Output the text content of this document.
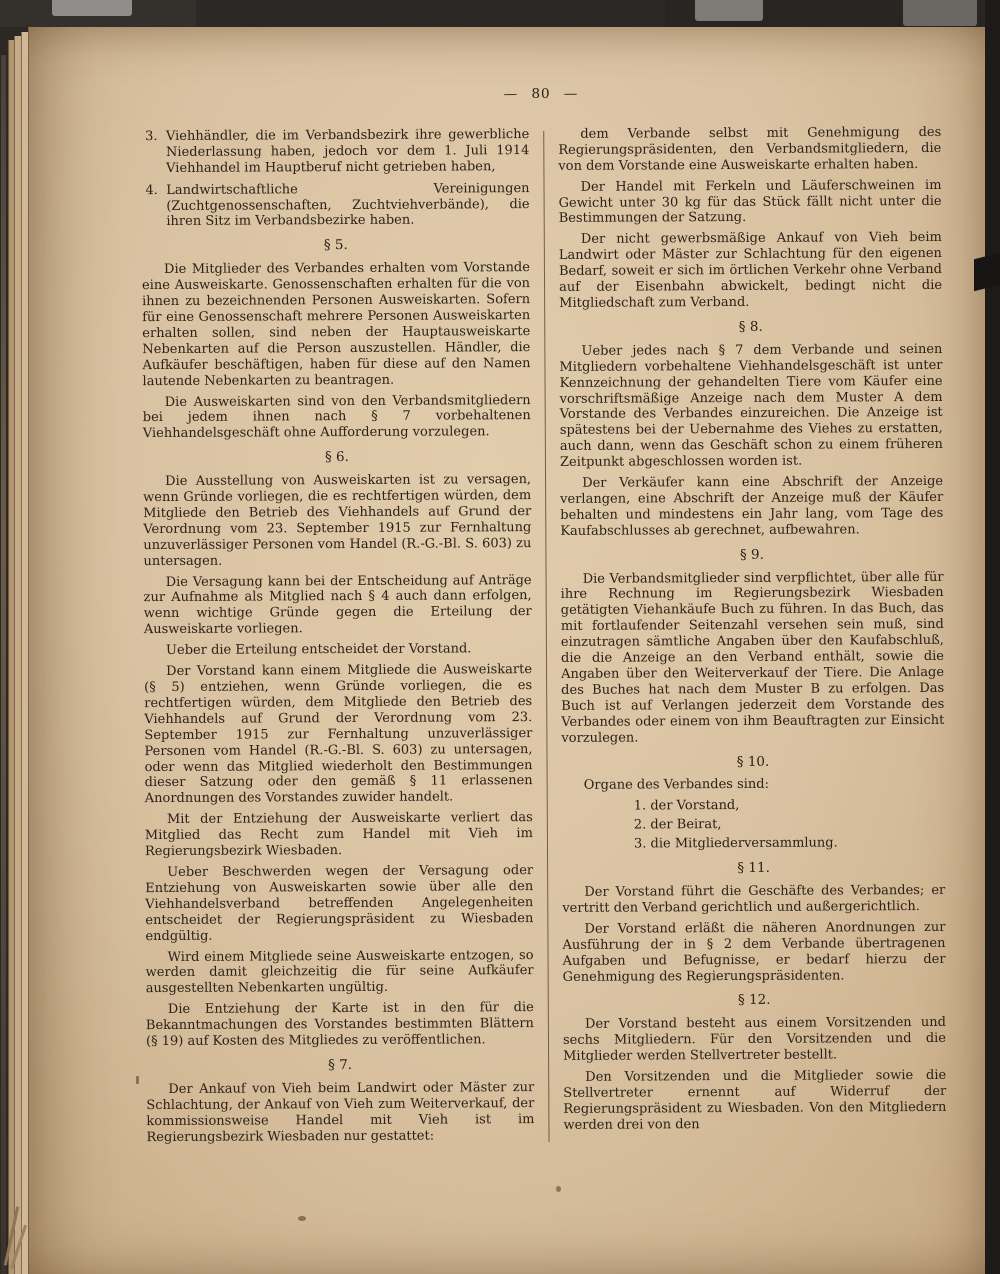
— 80 —

3. Viehhändler, die im Verbandsbezirk ihre gewerbliche Niederlassung haben, jedoch vor dem 1. Juli 1914 Viehhandel im Hauptberuf nicht getrieben haben,

4. Landwirtschaftliche Vereinigungen (Zuchtgenossenschaften, Zuchtviehverbände), die ihren Sitz im Verbandsbezirke haben.

§ 5.

Die Mitglieder des Verbandes erhalten vom Vorstande eine Ausweiskarte. Genossenschaften erhalten für die von ihnen zu bezeichnenden Personen Ausweiskarten. Sofern für eine Genossenschaft mehrere Personen Ausweiskarten erhalten sollen, sind neben der Hauptausweiskarte Nebenkarten auf die Person auszustellen. Händler, die Aufkäufer beschäftigen, haben für diese auf den Namen lautende Nebenkarten zu beantragen.

Die Ausweiskarten sind von den Verbandsmitgliedern bei jedem ihnen nach § 7 vorbehaltenen Viehhandelsgeschäft ohne Aufforderung vorzulegen.

§ 6.

Die Ausstellung von Ausweiskarten ist zu versagen, wenn Gründe vorliegen, die es rechtfertigen würden, dem Mitgliede den Betrieb des Viehhandels auf Grund der Verordnung vom 23. September 1915 zur Fernhaltung unzuverlässiger Personen vom Handel (R.-G.-Bl. S. 603) zu untersagen.

Die Versagung kann bei der Entscheidung auf Anträge zur Aufnahme als Mitglied nach § 4 auch dann erfolgen, wenn wichtige Gründe gegen die Erteilung der Ausweiskarte vorliegen.

Ueber die Erteilung entscheidet der Vorstand.

Der Vorstand kann einem Mitgliede die Ausweiskarte (§ 5) entziehen, wenn Gründe vorliegen, die es rechtfertigen würden, dem Mitgliede den Betrieb des Viehhandels auf Grund der Verordnung vom 23. September 1915 zur Fernhaltung unzuverlässiger Personen vom Handel (R.-G.-Bl. S. 603) zu untersagen, oder wenn das Mitglied wiederholt den Bestimmungen dieser Satzung oder den gemäß § 11 erlassenen Anordnungen des Vorstandes zuwider handelt.

Mit der Entziehung der Ausweiskarte verliert das Mitglied das Recht zum Handel mit Vieh im Regierungsbezirk Wiesbaden.

Ueber Beschwerden wegen der Versagung oder Entziehung von Ausweiskarten sowie über alle den Viehhandelsverband betreffenden Angelegenheiten entscheidet der Regierungspräsident zu Wiesbaden endgültig.

Wird einem Mitgliede seine Ausweiskarte entzogen, so werden damit gleichzeitig die für seine Aufkäufer ausgestellten Nebenkarten ungültig.

Die Entziehung der Karte ist in den für die Bekanntmachungen des Vorstandes bestimmten Blättern (§ 19) auf Kosten des Mitgliedes zu veröffentlichen.

§ 7.

Der Ankauf von Vieh beim Landwirt oder Mäster zur Schlachtung, der Ankauf von Vieh zum Weiterverkauf, der kommissionsweise Handel mit Vieh ist im Regierungsbezirk Wiesbaden nur gestattet:

dem Verbande selbst mit Genehmigung des Regierungspräsidenten, den Verbandsmitgliedern, die von dem Vorstande eine Ausweiskarte erhalten haben.

Der Handel mit Ferkeln und Läuferschweinen im Gewicht unter 30 kg für das Stück fällt nicht unter die Bestimmungen der Satzung.

Der nicht gewerbsmäßige Ankauf von Vieh beim Landwirt oder Mäster zur Schlachtung für den eigenen Bedarf, soweit er sich im örtlichen Verkehr ohne Verband auf der Eisenbahn abwickelt, bedingt nicht die Mitgliedschaft zum Verband.

§ 8.

Ueber jedes nach § 7 dem Verbande und seinen Mitgliedern vorbehaltene Viehhandelsgeschäft ist unter Kennzeichnung der gehandelten Tiere vom Käufer eine vorschriftsmäßige Anzeige nach dem Muster A dem Vorstande des Verbandes einzureichen. Die Anzeige ist spätestens bei der Uebernahme des Viehes zu erstatten, auch dann, wenn das Geschäft schon zu einem früheren Zeitpunkt abgeschlossen worden ist.

Der Verkäufer kann eine Abschrift der Anzeige verlangen, eine Abschrift der Anzeige muß der Käufer behalten und mindestens ein Jahr lang, vom Tage des Kaufabschlusses ab gerechnet, aufbewahren.

§ 9.

Die Verbandsmitglieder sind verpflichtet, über alle für ihre Rechnung im Regierungsbezirk Wiesbaden getätigten Viehankäufe Buch zu führen. In das Buch, das mit fortlaufender Seitenzahl versehen sein muß, sind einzutragen sämtliche Angaben über den Kaufabschluß, die die Anzeige an den Verband enthält, sowie die Angaben über den Weiterverkauf der Tiere. Die Anlage des Buches hat nach dem Muster B zu erfolgen. Das Buch ist auf Verlangen jederzeit dem Vorstande des Verbandes oder einem von ihm Beauftragten zur Einsicht vorzulegen.

§ 10.

Organe des Verbandes sind:

1. der Vorstand,

2. der Beirat,

3. die Mitgliederversammlung.

§ 11.

Der Vorstand führt die Geschäfte des Verbandes; er vertritt den Verband gerichtlich und außergerichtlich.

Der Vorstand erläßt die näheren Anordnungen zur Ausführung der in § 2 dem Verbande übertragenen Aufgaben und Befugnisse, er bedarf hierzu der Genehmigung des Regierungspräsidenten.

§ 12.

Der Vorstand besteht aus einem Vorsitzenden und sechs Mitgliedern. Für den Vorsitzenden und die Mitglieder werden Stellvertreter bestellt.

Den Vorsitzenden und die Mitglieder sowie die Stellvertreter ernennt auf Widerruf der Regierungspräsident zu Wiesbaden. Von den Mitgliedern werden drei von den
